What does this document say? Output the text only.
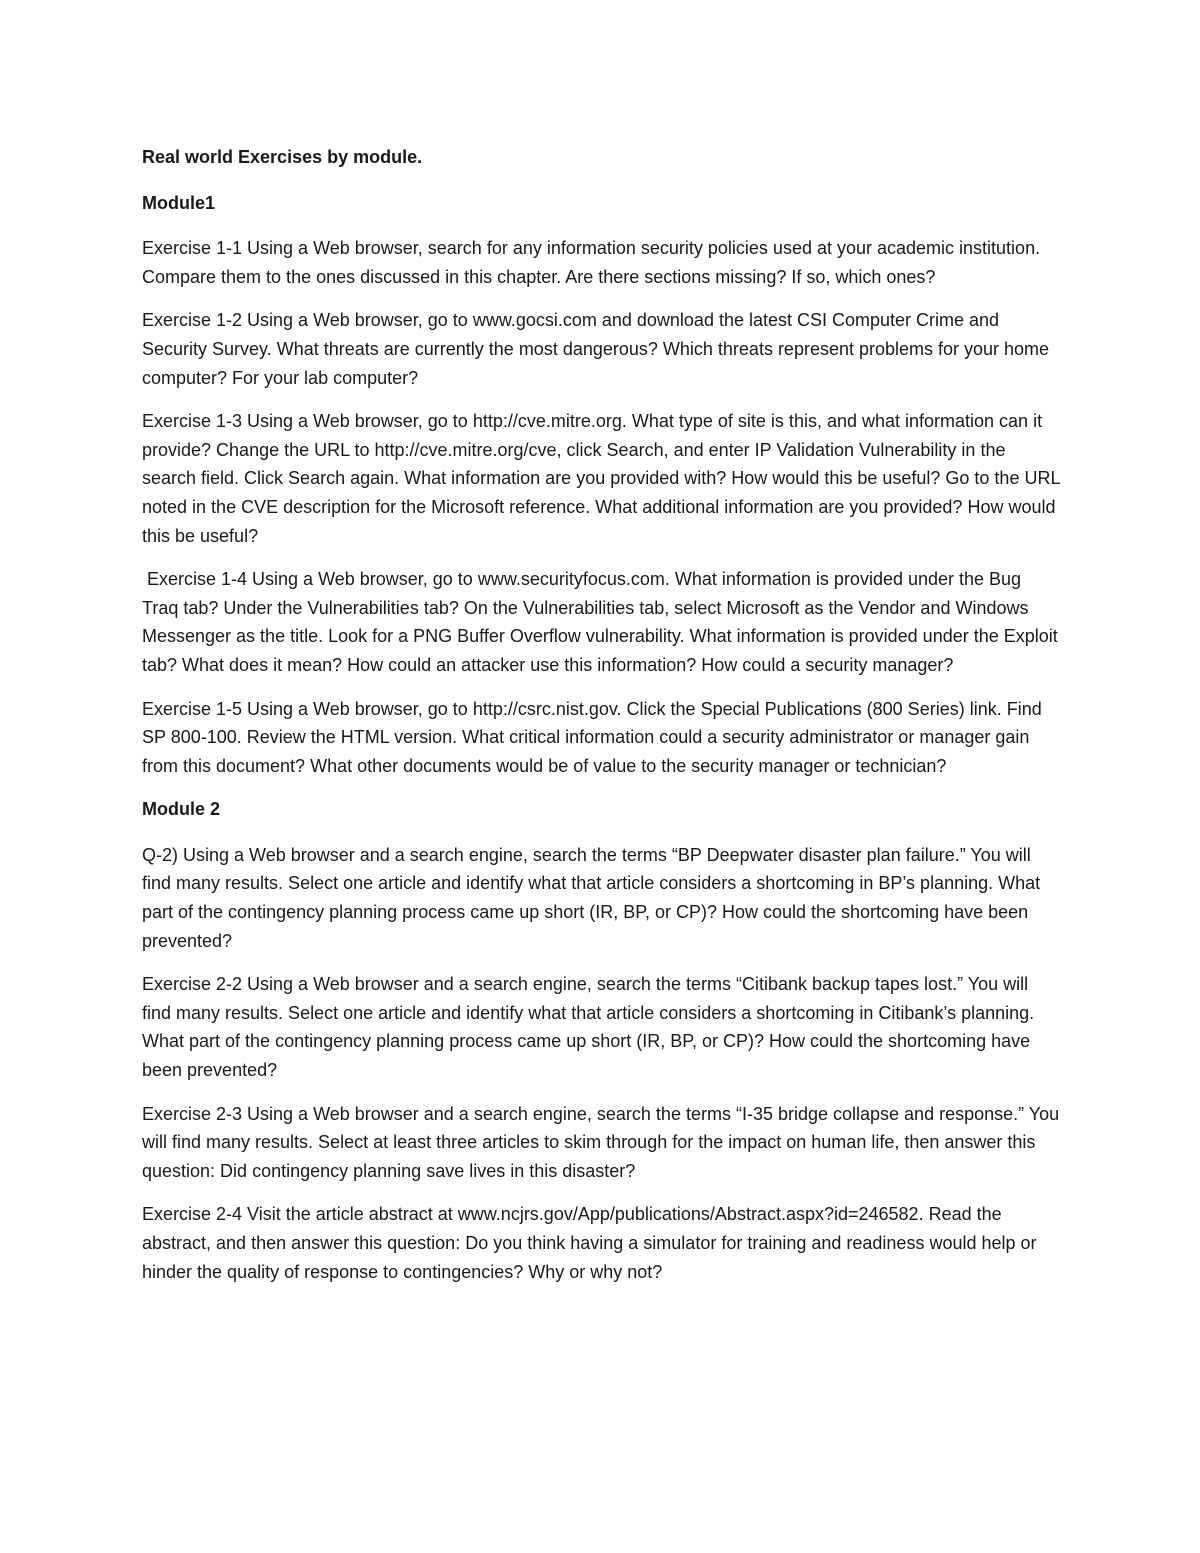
Real world Exercises by module.

Module1

Exercise 1-1 Using a Web browser, search for any information security policies used at your academic institution. Compare them to the ones discussed in this chapter. Are there sections missing? If so, which ones?

Exercise 1-2 Using a Web browser, go to www.gocsi.com and download the latest CSI Computer Crime and Security Survey. What threats are currently the most dangerous? Which threats represent problems for your home computer? For your lab computer?

Exercise 1-3 Using a Web browser, go to http://cve.mitre.org. What type of site is this, and what information can it provide? Change the URL to http://cve.mitre.org/cve, click Search, and enter IP Validation Vulnerability in the search field. Click Search again. What information are you provided with? How would this be useful? Go to the URL noted in the CVE description for the Microsoft reference. What additional information are you provided? How would this be useful?

Exercise 1-4 Using a Web browser, go to www.securityfocus.com. What information is provided under the Bug Traq tab? Under the Vulnerabilities tab? On the Vulnerabilities tab, select Microsoft as the Vendor and Windows Messenger as the title. Look for a PNG Buffer Overflow vulnerability. What information is provided under the Exploit tab? What does it mean? How could an attacker use this information? How could a security manager?

Exercise 1-5 Using a Web browser, go to http://csrc.nist.gov. Click the Special Publications (800 Series) link. Find SP 800-100. Review the HTML version. What critical information could a security administrator or manager gain from this document? What other documents would be of value to the security manager or technician?

Module 2

Q-2) Using a Web browser and a search engine, search the terms “BP Deepwater disaster plan failure.” You will find many results. Select one article and identify what that article considers a shortcoming in BP’s planning. What part of the contingency planning process came up short (IR, BP, or CP)? How could the shortcoming have been prevented?

Exercise 2-2 Using a Web browser and a search engine, search the terms “Citibank backup tapes lost.” You will find many results. Select one article and identify what that article considers a shortcoming in Citibank’s planning. What part of the contingency planning process came up short (IR, BP, or CP)? How could the shortcoming have been prevented?

Exercise 2-3 Using a Web browser and a search engine, search the terms “I-35 bridge collapse and response.” You will find many results. Select at least three articles to skim through for the impact on human life, then answer this question: Did contingency planning save lives in this disaster?

Exercise 2-4 Visit the article abstract at www.ncjrs.gov/App/publications/Abstract.aspx?id=246582. Read the abstract, and then answer this question: Do you think having a simulator for training and readiness would help or hinder the quality of response to contingencies? Why or why not?
